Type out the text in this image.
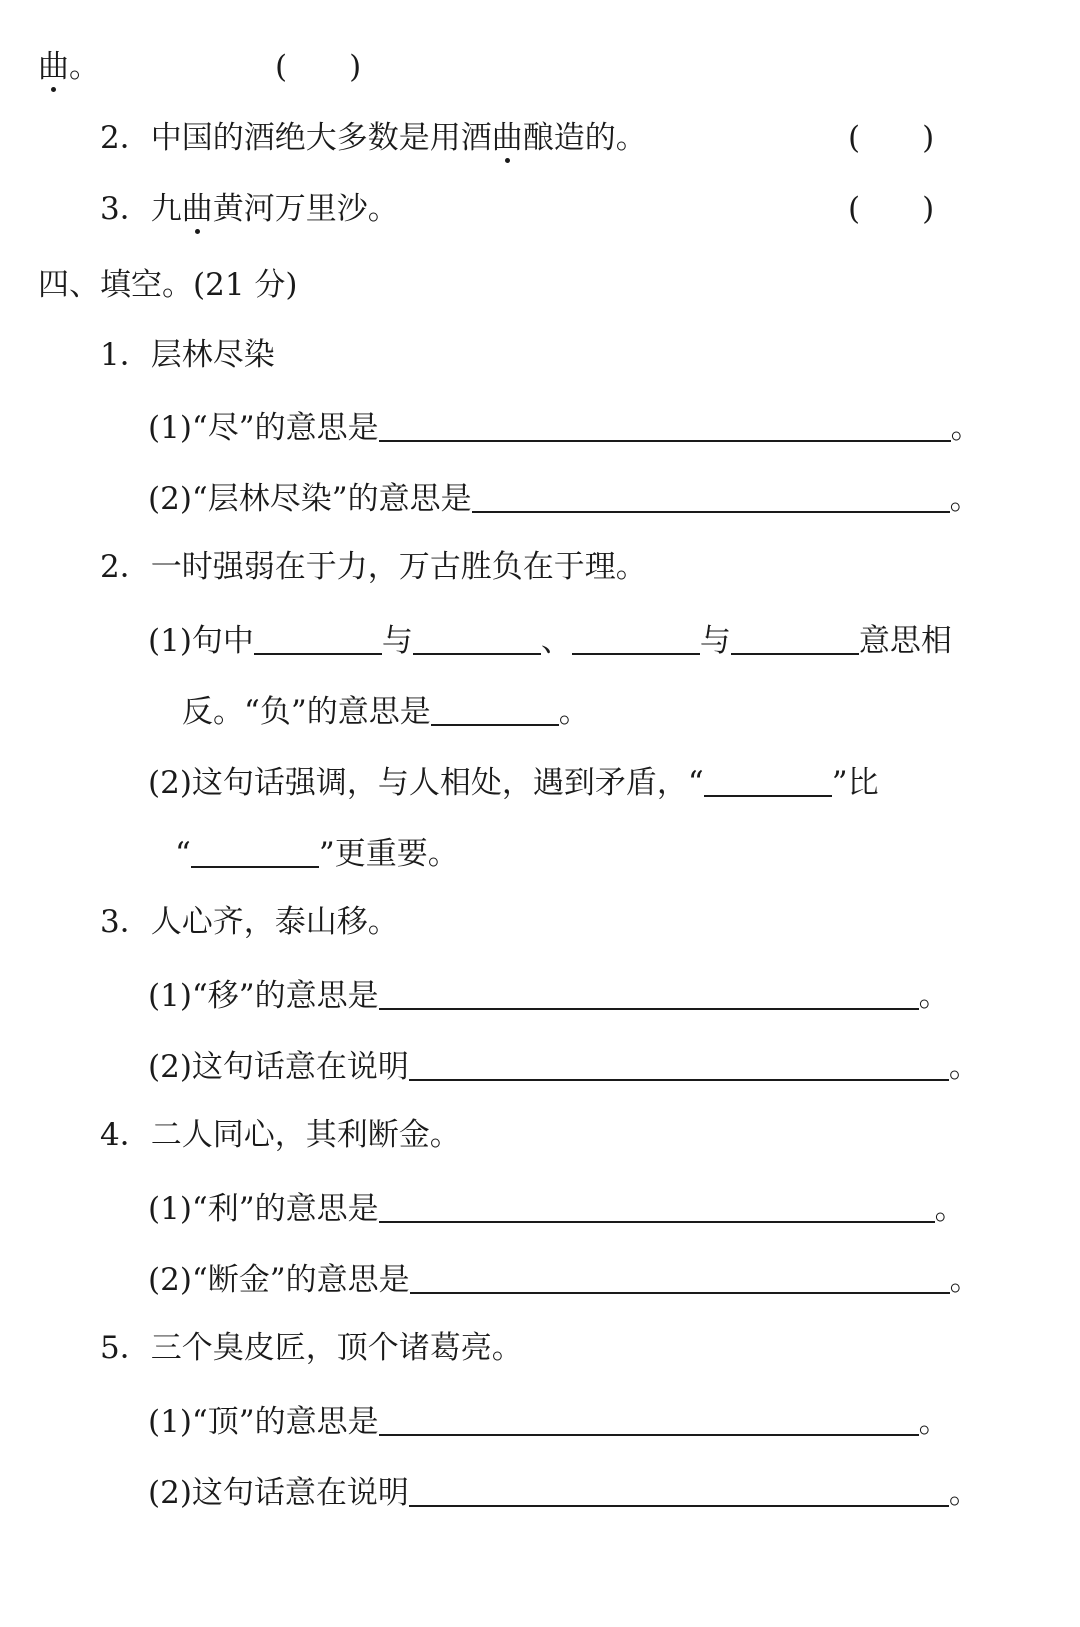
曲。	(　　)
2．中国的酒绝大多数是用酒曲酿造的。	(　　)
3．九曲黄河万里沙。	(　　)
四、填空。(21 分)
1．层林尽染
(1)“尽”的意思是	。
(2)“层林尽染”的意思是	。
2．一时强弱在于力，万古胜负在于理。
(1)句中	与	、	与	意思相
反。“负”的意思是	。
(2)这句话强调，与人相处，遇到矛盾，“	”比
“	”更重要。
3．人心齐，泰山移。
(1)“移”的意思是	。
(2)这句话意在说明	。
4．二人同心，其利断金。
(1)“利”的意思是	。
(2)“断金”的意思是	。
5．三个臭皮匠，顶个诸葛亮。
(1)“顶”的意思是	。
(2)这句话意在说明	。
